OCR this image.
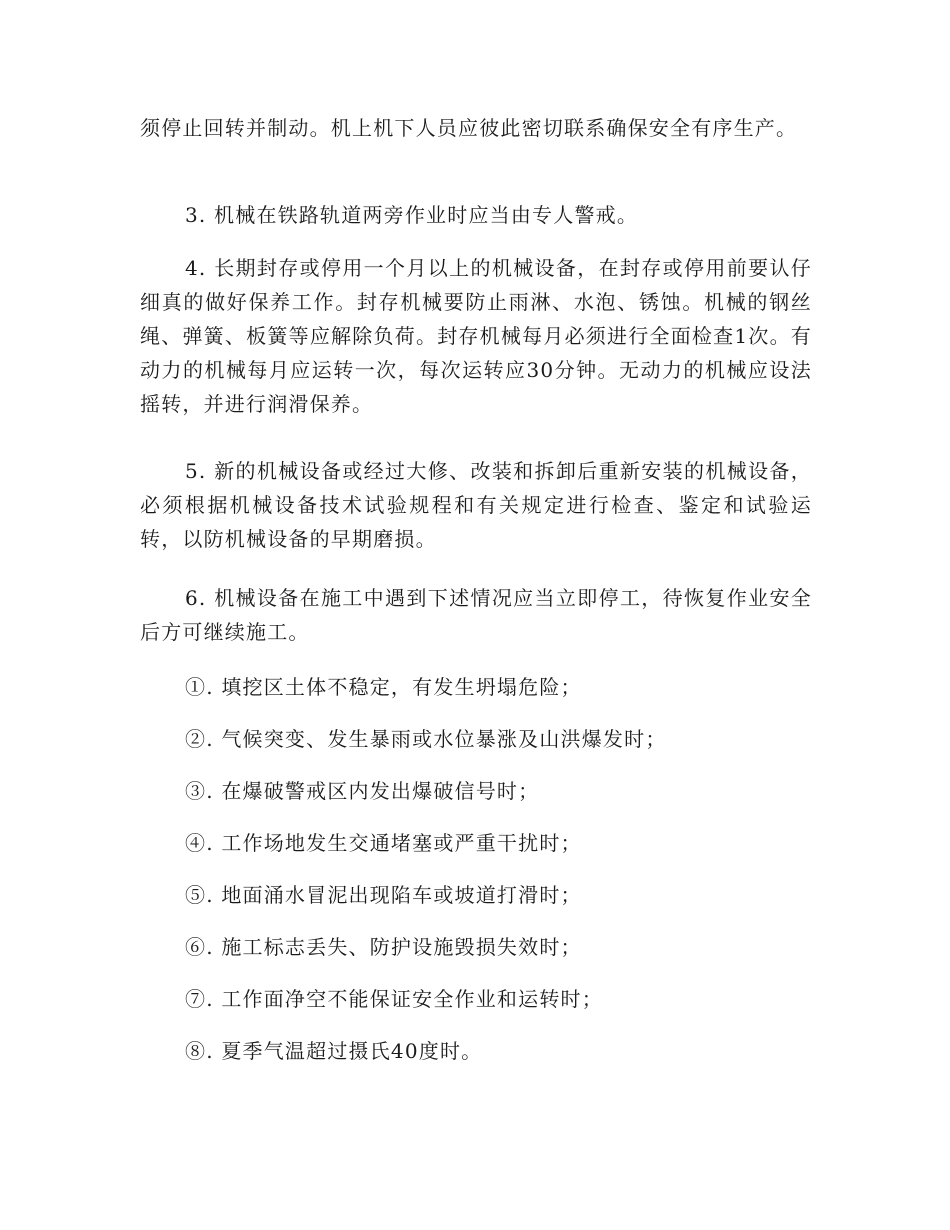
须停止回转并制动。机上机下人员应彼此密切联系确保安全有序生产。

3. 机械在铁路轨道两旁作业时应当由专人警戒。

4. 长期封存或停用一个月以上的机械设备，在封存或停用前要认仔细真的做好保养工作。封存机械要防止雨淋、水泡、锈蚀。机械的钢丝绳、弹簧、板簧等应解除负荷。封存机械每月必须进行全面检查1次。有动力的机械每月应运转一次，每次运转应30分钟。无动力的机械应设法摇转，并进行润滑保养。

5. 新的机械设备或经过大修、改装和拆卸后重新安装的机械设备，必须根据机械设备技术试验规程和有关规定进行检查、鉴定和试验运转，以防机械设备的早期磨损。

6. 机械设备在施工中遇到下述情况应当立即停工，待恢复作业安全后方可继续施工。

①. 填挖区土体不稳定，有发生坍塌危险；

②. 气候突变、发生暴雨或水位暴涨及山洪爆发时；

③. 在爆破警戒区内发出爆破信号时；

④. 工作场地发生交通堵塞或严重干扰时；

⑤. 地面涌水冒泥出现陷车或坡道打滑时；

⑥. 施工标志丢失、防护设施毁损失效时；

⑦. 工作面净空不能保证安全作业和运转时；

⑧. 夏季气温超过摄氏40度时。
